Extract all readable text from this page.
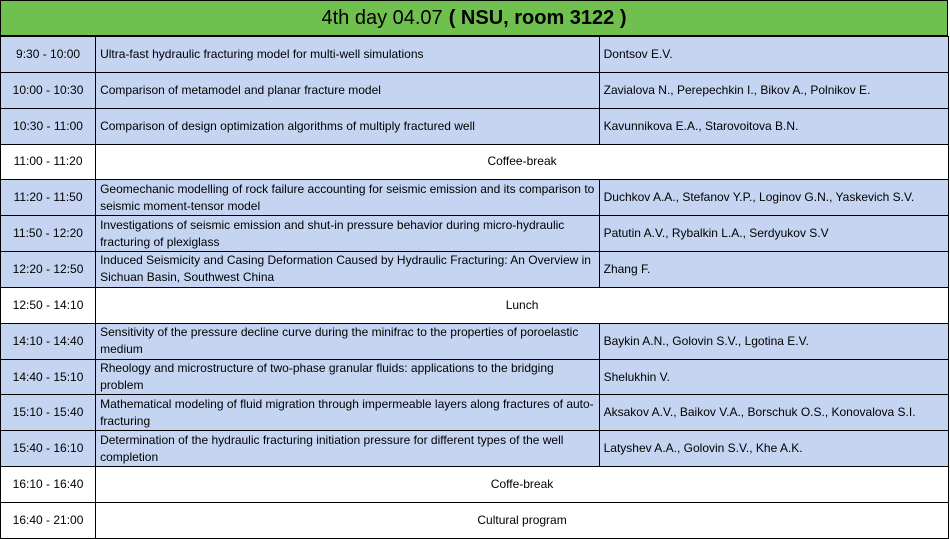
4th day 04.07 ( NSU, room 3122 )
9:30 - 10:00	Ultra-fast hydraulic fracturing model for multi-well simulations	Dontsov E.V.
10:00 - 10:30	Comparison of metamodel and planar fracture model	Zavialova N., Perepechkin I., Bikov A., Polnikov E.
10:30 - 11:00	Comparison of design optimization algorithms of multiply fractured well	Kavunnikova E.A., Starovoitova B.N.
11:00 - 11:20	Coffee-break	
11:20 - 11:50	Geomechanic modelling of rock failure accounting for seismic emission and its comparison to seismic moment-tensor model	Duchkov A.A., Stefanov Y.P., Loginov G.N., Yaskevich S.V.
11:50 - 12:20	Investigations of seismic emission and shut-in pressure behavior during micro-hydraulic fracturing of plexiglass	Patutin A.V., Rybalkin L.A., Serdyukov S.V
12:20 - 12:50	Induced Seismicity and Casing Deformation Caused by Hydraulic Fracturing: An Overview in Sichuan Basin, Southwest China	Zhang F.
12:50 - 14:10	Lunch	
14:10 - 14:40	Sensitivity of the pressure decline curve during the minifrac to the properties of poroelastic medium	Baykin A.N., Golovin S.V., Lgotina E.V.
14:40 - 15:10	Rheology and microstructure of two-phase granular fluids: applications to the bridging problem	Shelukhin V.
15:10 - 15:40	Mathematical modeling of fluid migration through impermeable layers along fractures of auto-fracturing	Aksakov A.V., Baikov V.A., Borschuk O.S., Konovalova S.I.
15:40 - 16:10	Determination of the hydraulic fracturing initiation pressure for different types of the well completion	Latyshev A.A., Golovin S.V., Khe A.K.
16:10 - 16:40	Coffe-break	
16:40 - 21:00	Cultural program	
